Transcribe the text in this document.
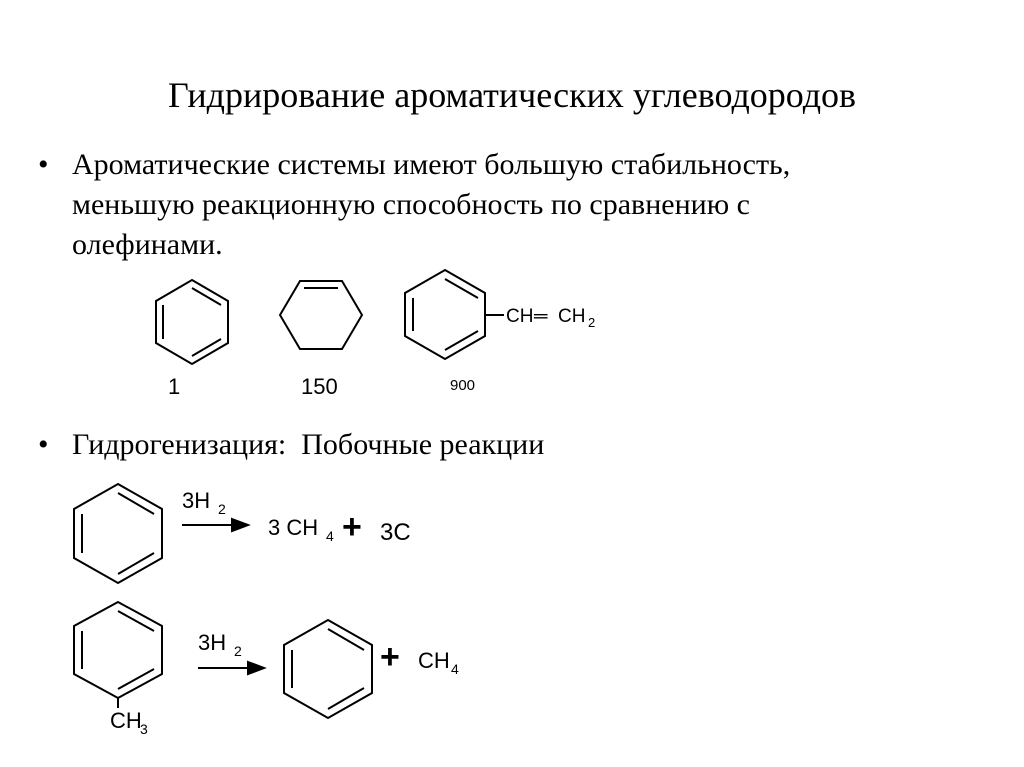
Гидрирование ароматических углеводородов
• Ароматические системы имеют большую стабильность,
меньшую реакционную способность по сравнению с
олефинами.
CH ═ CH 2
1	150	900
• Гидрогенизация:  Побочные реакции
3H 2
3 CH 4 + 3C
CH
3
3H 2	+ CH 4
